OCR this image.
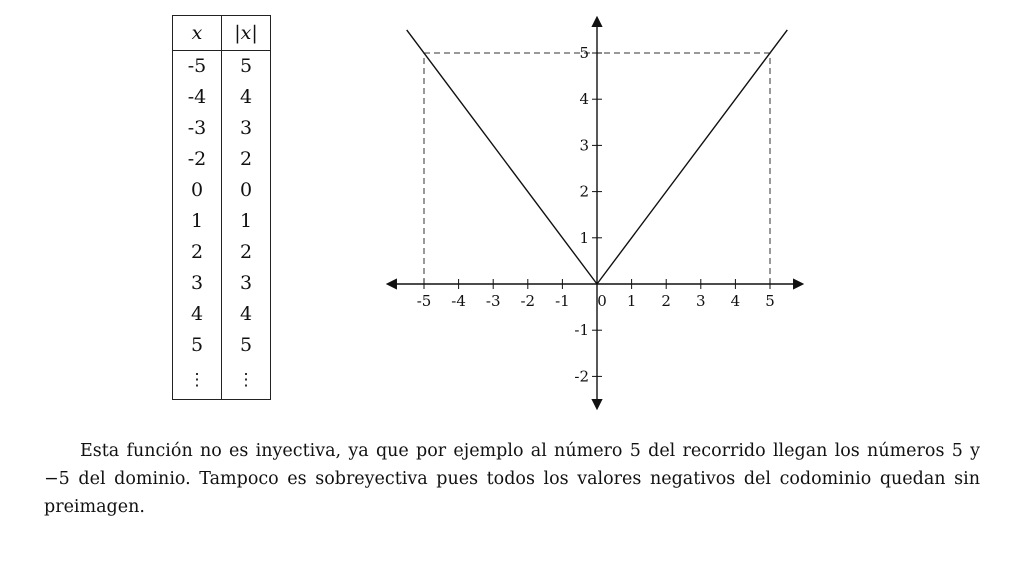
x	|x|
-5	5
-4	4
-3	3
-2	2
0	0
1	1
2	2
3	3
4	4
5	5
⋮	⋮
-5 -4 -3 -2 -1 0 1 2 3 4 5
-2
-1
1
2
3
4
5

Esta función no es inyectiva, ya que por ejemplo al número 5 del recorrido llegan los números 5 y −5 del dominio. Tampoco es sobreyectiva pues todos los valores negativos del codominio quedan sin preimagen.
